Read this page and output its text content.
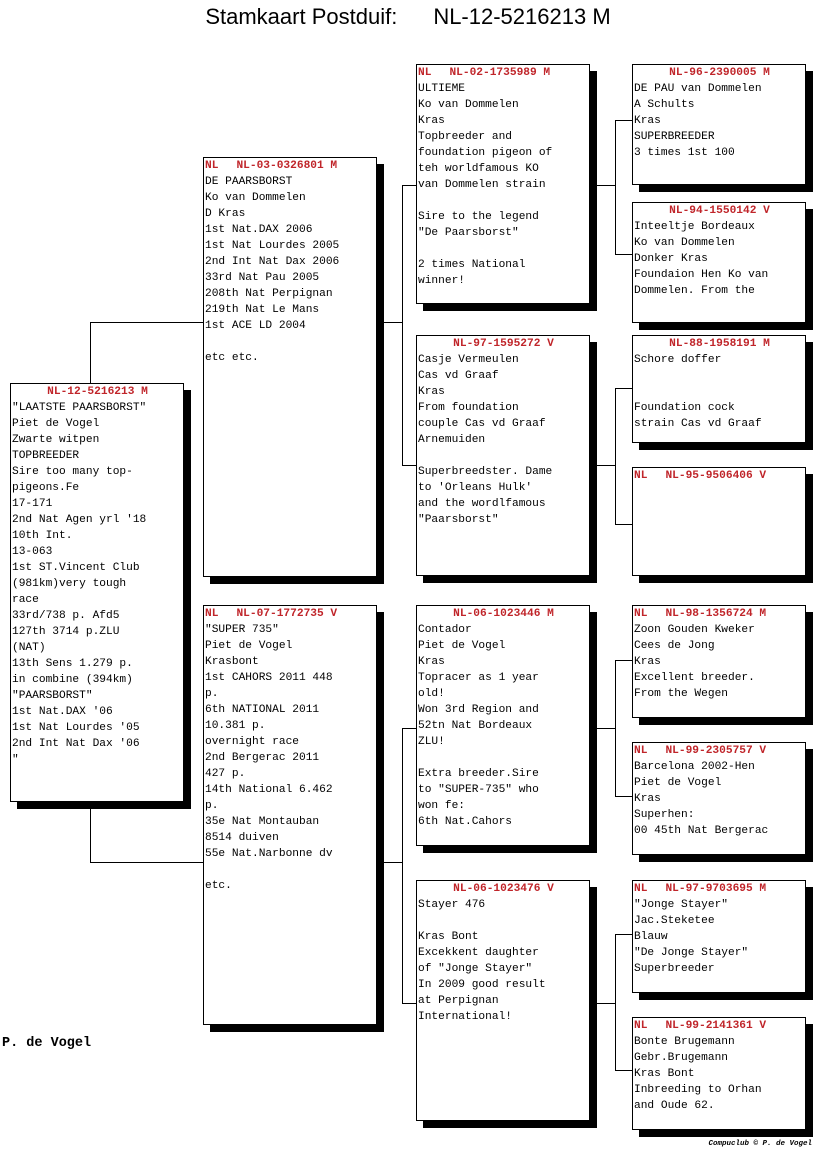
Stamkaart Postduif: NL-12-5216213 M
NL-12-5216213 M
"LAATSTE PAARSBORST"
Piet de Vogel
Zwarte witpen
TOPBREEDER
Sire too many top-
pigeons.Fe
17-171
2nd Nat Agen yrl '18
10th Int.
13-063
1st ST.Vincent Club
(981km)very tough
race
33rd/738 p. Afd5
127th 3714 p.ZLU
(NAT)
13th Sens 1.279 p.
in combine (394km)
"PAARSBORST"
1st Nat.DAX '06
1st Nat Lourdes '05
2nd Int Nat Dax '06
"
NL NL-03-0326801 M
DE PAARSBORST
Ko van Dommelen
D Kras
1st Nat.DAX 2006
1st Nat Lourdes 2005
2nd Int Nat Dax 2006
33rd Nat Pau 2005
208th Nat Perpignan
219th Nat Le Mans
1st ACE LD 2004
etc etc.
NL NL-07-1772735 V
"SUPER 735"
Piet de Vogel
Krasbont
1st CAHORS 2011 448
p.
6th NATIONAL 2011
10.381 p.
overnight race
2nd Bergerac 2011
427 p.
14th National 6.462
p.
35e Nat Montauban
8514 duiven
55e Nat.Narbonne dv
etc.
NL NL-02-1735989 M
ULTIEME
Ko van Dommelen
Kras
Topbreeder and
foundation pigeon of
teh worldfamous KO
van Dommelen strain
Sire to the legend
"De Paarsborst"
2 times National
winner!
NL-97-1595272 V
Casje Vermeulen
Cas vd Graaf
Kras
From foundation
couple Cas vd Graaf
Arnemuiden
Superbreedster. Dame
to 'Orleans Hulk'
and the wordlfamous
"Paarsborst"
NL-06-1023446 M
Contador
Piet de Vogel
Kras
Topracer as 1 year
old!
Won 3rd Region and
52tn Nat Bordeaux
ZLU!
Extra breeder.Sire
to "SUPER-735" who
won fe:
6th Nat.Cahors
NL-06-1023476 V
Stayer 476
Kras Bont
Excekkent daughter
of "Jonge Stayer"
In 2009 good result
at Perpignan
International!
NL-96-2390005 M
DE PAU van Dommelen
A Schults
Kras
SUPERBREEDER
3 times 1st 100
NL-94-1550142 V
Inteeltje Bordeaux
Ko van Dommelen
Donker Kras
Foundaion Hen Ko van
Dommelen. From the
NL-88-1958191 M
Schore doffer
Foundation cock
strain Cas vd Graaf
NL NL-95-9506406 V
NL NL-98-1356724 M
Zoon Gouden Kweker
Cees de Jong
Kras
Excellent breeder.
From the Wegen
NL NL-99-2305757 V
Barcelona 2002-Hen
Piet de Vogel
Kras
Superhen:
00 45th Nat Bergerac
NL NL-97-9703695 M
"Jonge Stayer"
Jac.Steketee
Blauw
"De Jonge Stayer"
Superbreeder
NL NL-99-2141361 V
Bonte Brugemann
Gebr.Brugemann
Kras Bont
Inbreeding to Orhan
and Oude 62.
P. de Vogel
Compuclub © P. de Vogel
